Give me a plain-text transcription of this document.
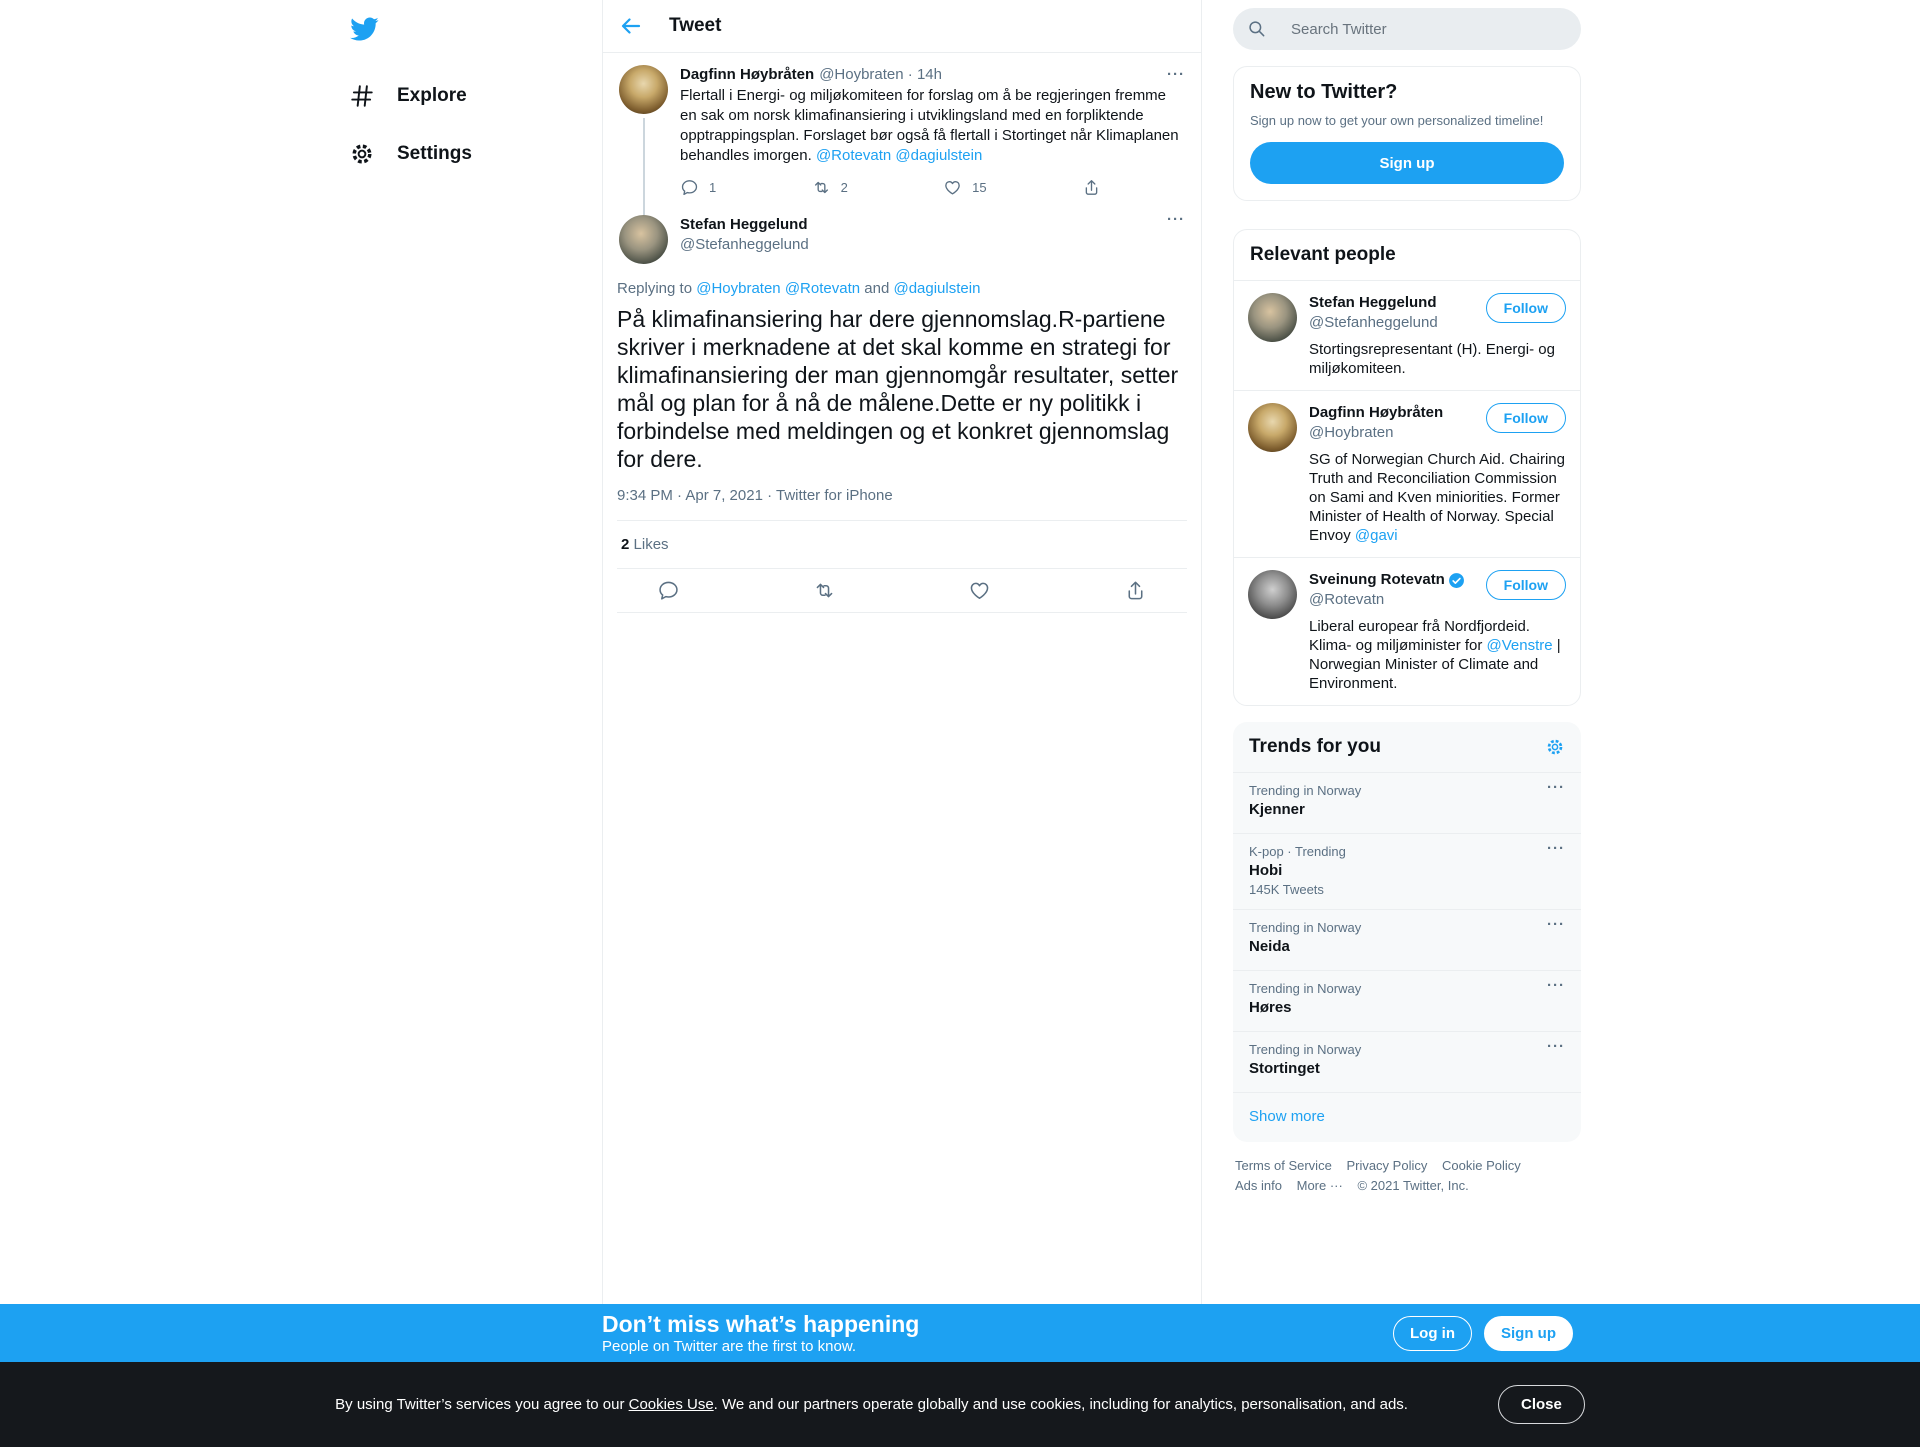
Explore
Settings
Tweet
Dagfinn Høybråten @Hoybraten · 14h	···
Flertall i Energi- og miljøkomiteen for forslag om å be regjeringen fremme en sak om norsk klimafinansiering i utviklingsland med en forpliktende opptrappingsplan. Forslaget bør også få flertall i Stortinget når Klimaplanen behandles imorgen. @Rotevatn @dagiulstein
1	2	15
Stefan Heggelund
@Stefanheggelund
···
Replying to @Hoybraten @Rotevatn and @dagiulstein
På klimafinansiering har dere gjennomslag.R-partiene skriver i merknadene at det skal komme en strategi for klimafinansiering der man gjennomgår resultater, setter mål og plan for å nå de målene.Dette er ny politikk i forbindelse med meldingen og et konkret gjennomslag for dere.
9:34 PM · Apr 7, 2021 · Twitter for iPhone
2 Likes
Search Twitter
New to Twitter?

Sign up now to get your own personalized timeline!

Sign up
Relevant people
Stefan Heggelund
@Stefanheggelund
Follow
Stortingsrepresentant (H). Energi- og miljøkomiteen.
Dagfinn Høybråten
@Hoybraten
Follow
SG of Norwegian Church Aid. Chairing Truth and Reconciliation Commission on Sami and Kven miniorities. Former Minister of Health of Norway. Special Envoy @gavi
Sveinung Rotevatn
@Rotevatn
Follow
Liberal europear frå Nordfjordeid. Klima- og miljøminister for @Venstre | Norwegian Minister of Climate and Environment.
Trends for you
Trending in Norway
Kjenner
···
K-pop · Trending
Hobi
145K Tweets
···
Trending in Norway
Neida
···
Trending in Norway
Høres
···
Trending in Norway
Stortinget
···
Show more
Terms of Service Privacy Policy Cookie Policy
Ads info More ··· © 2021 Twitter, Inc.
Don’t miss what’s happening
People on Twitter are the first to know.
Log in	Sign up
By using Twitter’s services you agree to our Cookies Use. We and our partners operate globally and use cookies, including for analytics, personalisation, and ads.	Close
